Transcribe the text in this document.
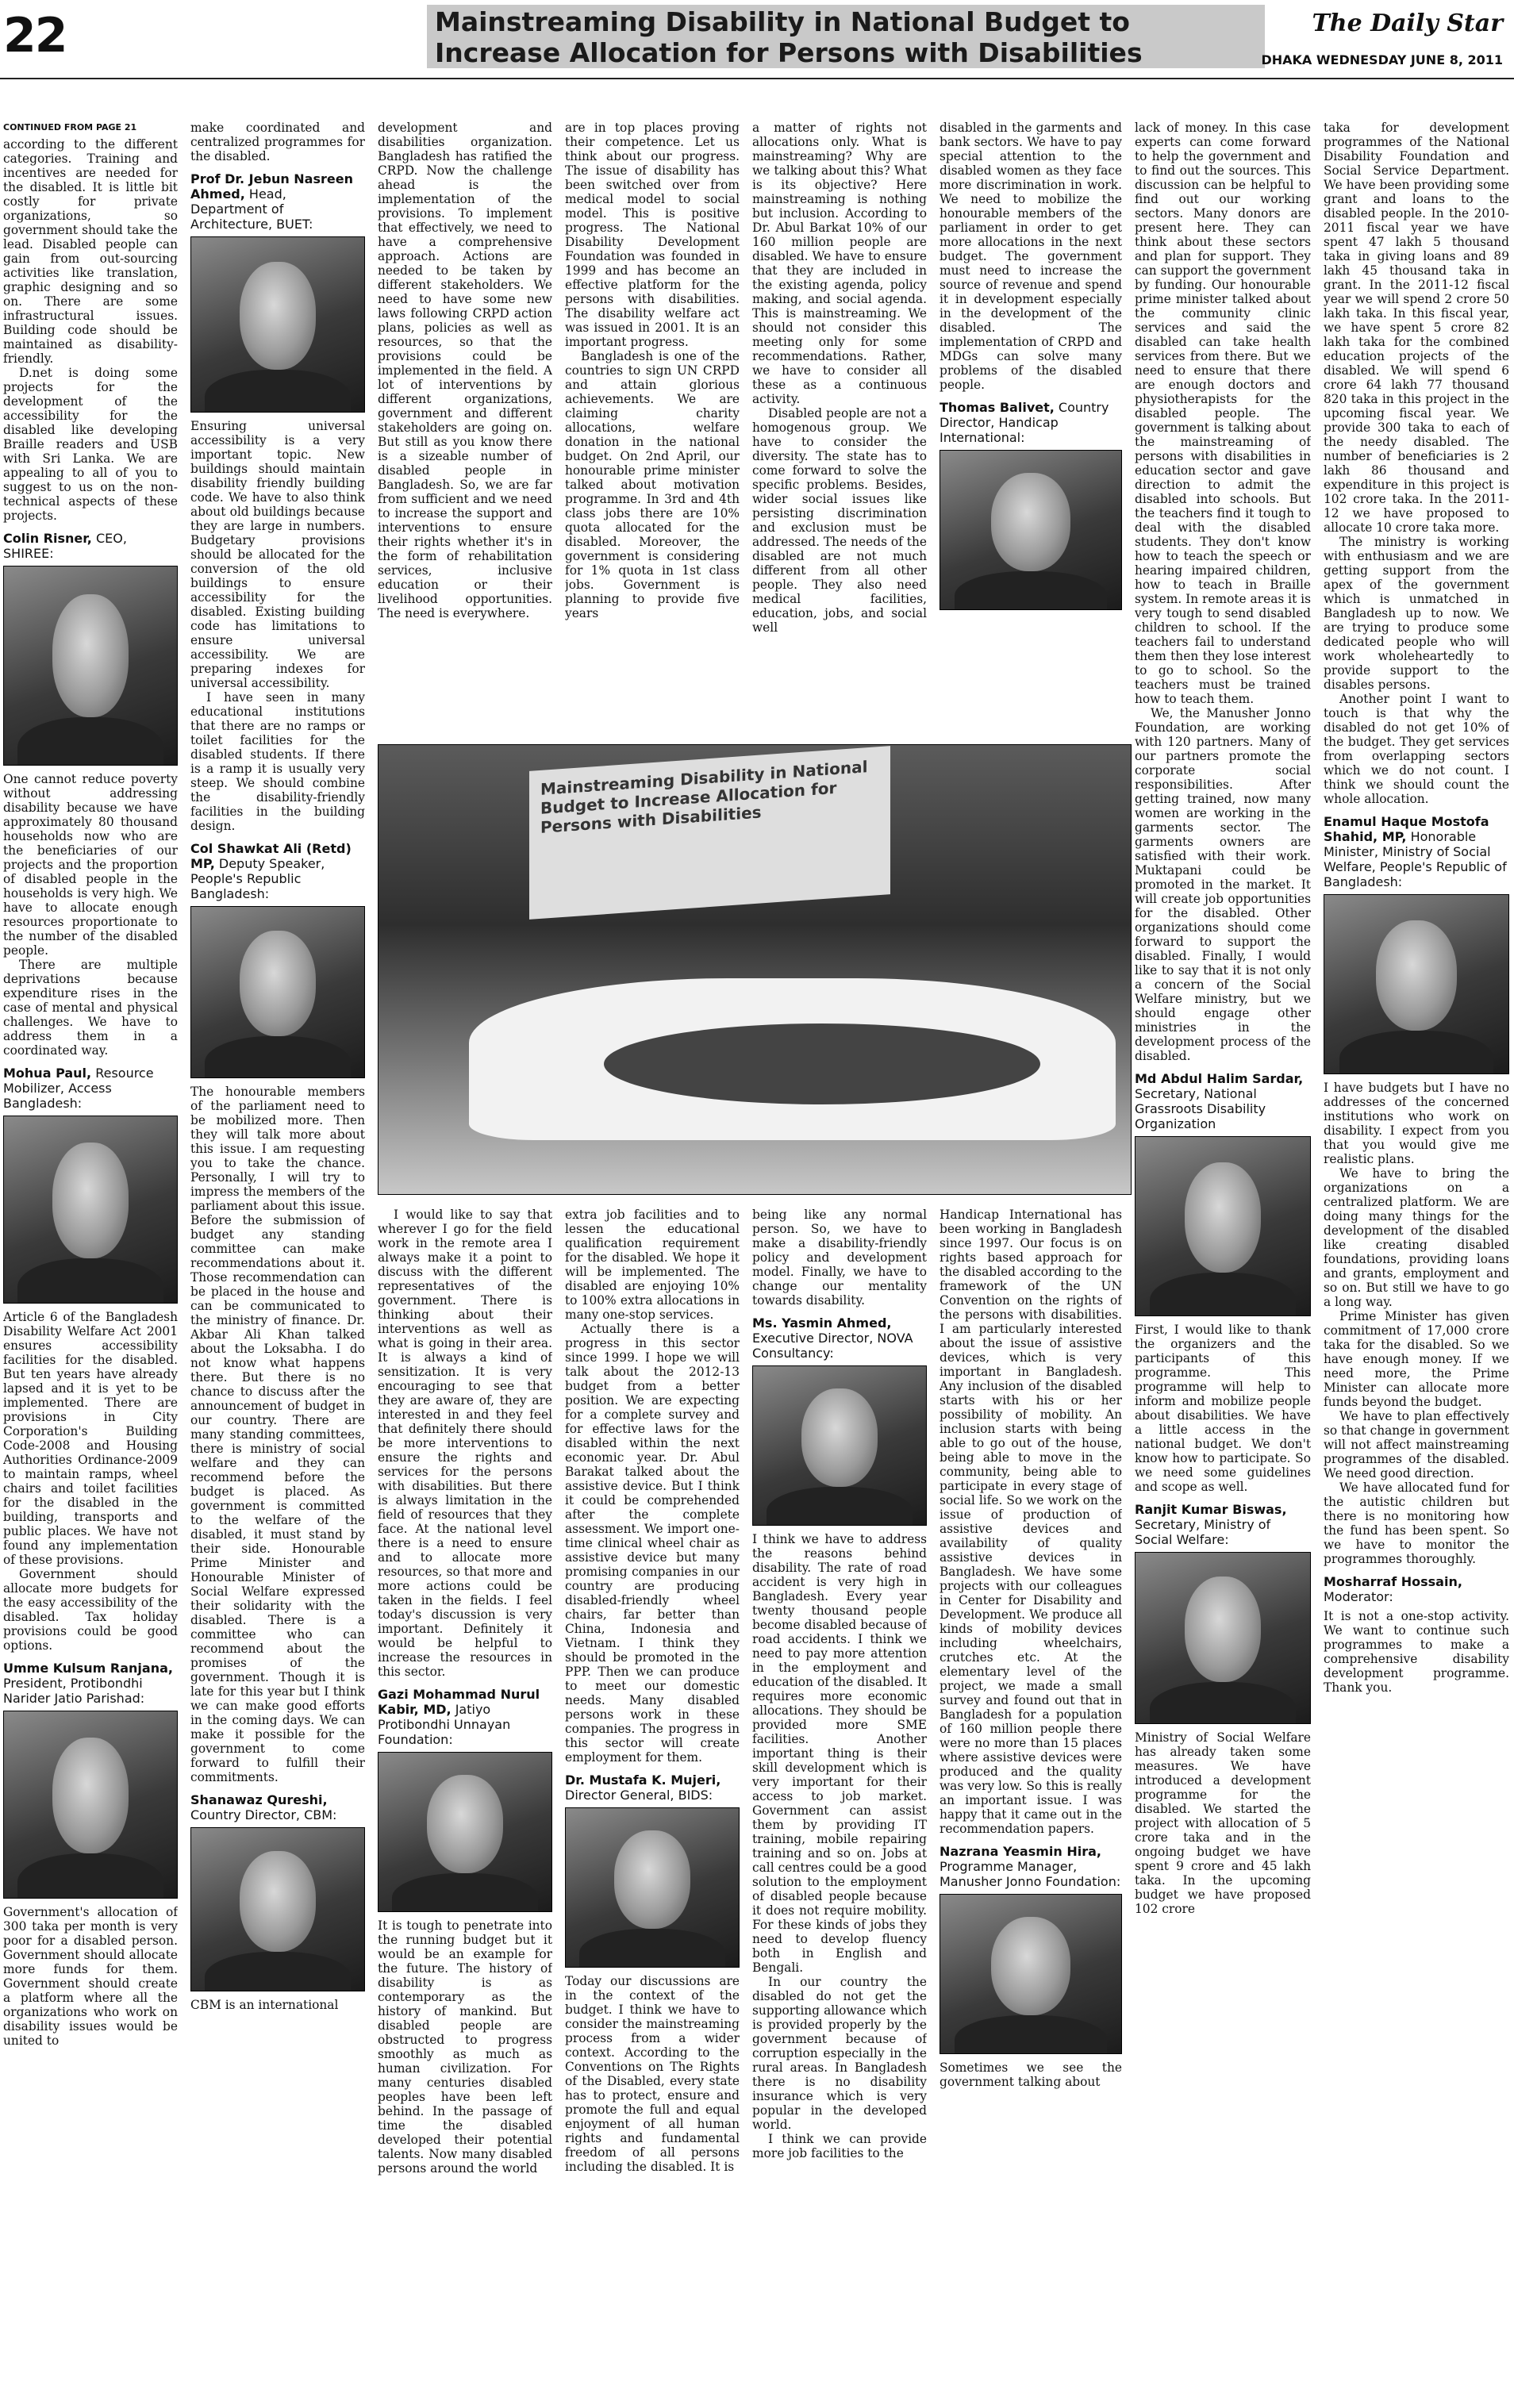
22	Mainstreaming Disability in National Budget to
Increase Allocation for Persons with Disabilities
The Daily Star
DHAKA WEDNESDAY JUNE 8, 2011
CONTINUED FROM PAGE 21

according to the different categories. Training and incentives are needed for the disabled. It is little bit costly for private organizations, so government should take the lead. Disabled people can gain from out-sourcing activities like translation, graphic designing and so on. There are some infrastructural issues. Building code should be maintained as disability-friendly.

D.net is doing some projects for the development of the accessibility for the disabled like developing Braille readers and USB with Sri Lanka. We are appealing to all of you to suggest to us on the non-technical aspects of these projects.

Colin Risner, CEO, SHIREE:

One cannot reduce poverty without addressing disability because we have approximately 80 thousand households now who are the beneficiaries of our projects and the proportion of disabled people in the households is very high. We have to allocate enough resources proportionate to the number of the disabled people.

There are multiple deprivations because expenditure rises in the case of mental and physical challenges. We have to address them in a coordinated way.

Mohua Paul, Resource Mobilizer, Access Bangladesh:

Article 6 of the Bangladesh Disability Welfare Act 2001 ensures accessibility facilities for the disabled. But ten years have already lapsed and it is yet to be implemented. There are provisions in City Corporation's Building Code-2008 and Housing Authorities Ordinance-2009 to maintain ramps, wheel chairs and toilet facilities for the disabled in the building, transports and public places. We have not found any implementation of these provisions.

Government should allocate more budgets for the easy accessibility of the disabled. Tax holiday provisions could be good options.

Umme Kulsum Ranjana, President, Protibondhi Narider Jatio Parishad:

Government's allocation of 300 taka per month is very poor for a disabled person. Government should allocate more funds for them. Government should create a platform where all the organizations who work on disability issues would be united to

make coordinated and centralized programmes for the disabled.

Prof Dr. Jebun Nasreen Ahmed, Head, Department of Architecture, BUET:

Ensuring universal accessibility is a very important topic. New buildings should maintain disability friendly building code. We have to also think about old buildings because they are large in numbers. Budgetary provisions should be allocated for the conversion of the old buildings to ensure accessibility for the disabled. Existing building code has limitations to ensure universal accessibility. We are preparing indexes for universal accessibility.

I have seen in many educational institutions that there are no ramps or toilet facilities for the disabled students. If there is a ramp it is usually very steep. We should combine the disability-friendly facilities in the building design.

Col Shawkat Ali (Retd) MP, Deputy Speaker, People's Republic Bangladesh:

The honourable members of the parliament need to be mobilized more. Then they will talk more about this issue. I am requesting you to take the chance. Personally, I will try to impress the members of the parliament about this issue. Before the submission of budget any standing committee can make recommendations about it. Those recommendation can be placed in the house and can be communicated to the ministry of finance. Dr. Akbar Ali Khan talked about the Loksabha. I do not know what happens there. But there is no chance to discuss after the announcement of budget in our country. There are many standing committees, there is ministry of social welfare and they can recommend before the budget is placed. As government is committed to the welfare of the disabled, it must stand by their side. Honourable Prime Minister and Honourable Minister of Social Welfare expressed their solidarity with the disabled. There is a committee who can recommend about the promises of the government. Though it is late for this year but I think we can make good efforts in the coming days. We can make it possible for the government to come forward to fulfill their commitments.

Shanawaz Qureshi, Country Director, CBM:

CBM is an international

development and disabilities organization. Bangladesh has ratified the CRPD. Now the challenge ahead is the implementation of the provisions. To implement that effectively, we need to have a comprehensive approach. Actions are needed to be taken by different stakeholders. We need to have some new laws following CRPD action plans, policies as well as resources, so that the provisions could be implemented in the field. A lot of interventions by different organizations, government and different stakeholders are going on. But still as you know there is a sizeable number of disabled people in Bangladesh. So, we are far from sufficient and we need to increase the support and interventions to ensure their rights whether it's in the form of rehabilitation services, inclusive education or their livelihood opportunities. The need is everywhere.

I would like to say that wherever I go for the field work in the remote area I always make it a point to discuss with the different representatives of the government. There is thinking about their interventions as well as what is going in their area. It is always a kind of sensitization. It is very encouraging to see that they are aware of, they are interested in and they feel that definitely there should be more interventions to ensure the rights and services for the persons with disabilities. But there is always limitation in the field of resources that they face. At the national level there is a need to ensure and to allocate more resources, so that more and more actions could be taken in the fields. I feel today's discussion is very important. Definitely it would be helpful to increase the resources in this sector.

Gazi Mohammad Nurul Kabir, MD, Jatiyo Protibondhi Unnayan Foundation:

It is tough to penetrate into the running budget but it would be an example for the future. The history of disability is as contemporary as the history of mankind. But disabled people are obstructed to progress smoothly as much as human civilization. For many centuries disabled peoples have been left behind. In the passage of time the disabled developed their potential talents. Now many disabled persons around the world

are in top places proving their competence. Let us think about our progress. The issue of disability has been switched over from medical model to social model. This is positive progress. The National Disability Development Foundation was founded in 1999 and has become an effective platform for the persons with disabilities. The disability welfare act was issued in 2001. It is an important progress.

Bangladesh is one of the countries to sign UN CRPD and attain glorious achievements. We are claiming charity allocations, welfare donation in the national budget. On 2nd April, our honourable prime minister talked about motivation programme. In 3rd and 4th class jobs there are 10% quota allocated for the disabled. Moreover, the government is considering for 1% quota in 1st class jobs. Government is planning to provide five years

extra job facilities and to lessen the educational qualification requirement for the disabled. We hope it will be implemented. The disabled are enjoying 10% to 100% extra allocations in many one-stop services.

Actually there is a progress in this sector since 1999. I hope we will talk about the 2012-13 budget from a better position. We are expecting for a complete survey and for effective laws for the disabled within the next economic year. Dr. Abul Barakat talked about the assistive device. But I think it could be comprehended after the complete assessment. We import one-time clinical wheel chair as assistive device but many promising companies in our country are producing disabled-friendly wheel chairs, far better than China, Indonesia and Vietnam. I think they should be promoted in the PPP. Then we can produce to meet our domestic needs. Many disabled persons work in these companies. The progress in this sector will create employment for them.

Dr. Mustafa K. Mujeri, Director General, BIDS:

Today our discussions are in the context of the budget. I think we have to consider the mainstreaming process from a wider context. According to the Conventions on The Rights of the Disabled, every state has to protect, ensure and promote the full and equal enjoyment of all human rights and fundamental freedom of all persons including the disabled. It is

a matter of rights not allocations only. What is mainstreaming? Why are we talking about this? What is its objective? Here mainstreaming is nothing but inclusion. According to Dr. Abul Barkat 10% of our 160 million people are disabled. We have to ensure that they are included in the existing agenda, policy making, and social agenda. This is mainstreaming. We should not consider this meeting only for some recommendations. Rather, we have to consider all these as a continuous activity.

Disabled people are not a homogenous group. We have to consider the diversity. The state has to come forward to solve the specific problems. Besides, wider social issues like persisting discrimination and exclusion must be addressed. The needs of the disabled are not much different from all other people. They also need medical facilities, education, jobs, and social well

being like any normal person. So, we have to make a disability-friendly policy and development model. Finally, we have to change our mentality towards disability.

Ms. Yasmin Ahmed, Executive Director, NOVA Consultancy:

I think we have to address the reasons behind disability. The rate of road accident is very high in Bangladesh. Every year twenty thousand people become disabled because of road accidents. I think we need to pay more attention in the employment and education of the disabled. It requires more economic allocations. They should be provided more SME facilities. Another important thing is their skill development which is very important for their access to job market. Government can assist them by providing IT training, mobile repairing training and so on. Jobs at call centres could be a good solution to the employment of disabled people because it does not require mobility. For these kinds of jobs they need to develop fluency both in English and Bengali.

In our country the disabled do not get the supporting allowance which is provided properly by the government because of corruption especially in the rural areas. In Bangladesh there is no disability insurance which is very popular in the developed world.

I think we can provide more job facilities to the

disabled in the garments and bank sectors. We have to pay special attention to the disabled women as they face more discrimination in work. We need to mobilize the honourable members of the parliament in order to get more allocations in the next budget. The government must need to increase the source of revenue and spend it in development especially in the development of the disabled. The implementation of CRPD and MDGs can solve many problems of the disabled people.

Thomas Balivet, Country Director, Handicap International:

Handicap International has been working in Bangladesh since 1997. Our focus is on rights based approach for the disabled according to the framework of the UN Convention on the rights of the persons with disabilities. I am particularly interested about the issue of assistive devices, which is very important in Bangladesh. Any inclusion of the disabled starts with his or her possibility of mobility. An inclusion starts with being able to go out of the house, being able to move in the community, being able to participate in every stage of social life. So we work on the issue of production of assistive devices and availability of quality assistive devices in Bangladesh. We have some projects with our colleagues in Center for Disability and Development. We produce all kinds of mobility devices including wheelchairs, crutches etc. At the elementary level of the project, we made a small survey and found out that in Bangladesh for a population of 160 million people there were no more than 15 places where assistive devices were produced and the quality was very low. So this is really an important issue. I was happy that it came out in the recommendation papers.

Nazrana Yeasmin Hira, Programme Manager, Manusher Jonno Foundation:

Sometimes we see the government talking about

lack of money. In this case experts can come forward to help the government and to find out the sources. This discussion can be helpful to find out our working sectors. Many donors are present here. They can think about these sectors and plan for support. They can support the government by funding. Our honourable prime minister talked about the community clinic services and said the disabled can take health services from there. But we need to ensure that there are enough doctors and physiotherapists for the disabled people. The government is talking about the mainstreaming of persons with disabilities in education sector and gave direction to admit the disabled into schools. But the teachers find it tough to deal with the disabled students. They don't know how to teach the speech or hearing impaired children, how to teach in Braille system. In remote areas it is very tough to send disabled children to school. If the teachers fail to understand them then they lose interest to go to school. So the teachers must be trained how to teach them.

We, the Manusher Jonno Foundation, are working with 120 partners. Many of our partners promote the corporate social responsibilities. After getting trained, now many women are working in the garments sector. The garments owners are satisfied with their work. Muktapani could be promoted in the market. It will create job opportunities for the disabled. Other organizations should come forward to support the disabled. Finally, I would like to say that it is not only a concern of the Social Welfare ministry, but we should engage other ministries in the development process of the disabled.

Md Abdul Halim Sardar, Secretary, National Grassroots Disability Organization

First, I would like to thank the organizers and the participants of this programme. This programme will help to inform and mobilize people about disabilities. We have a little access in the national budget. We don't know how to participate. So we need some guidelines and scope as well.

Ranjit Kumar Biswas, Secretary, Ministry of Social Welfare:

Ministry of Social Welfare has already taken some measures. We have introduced a development programme for the disabled. We started the project with allocation of 5 crore taka and in the ongoing budget we have spent 9 crore and 45 lakh taka. In the upcoming budget we have proposed 102 crore

taka for development programmes of the National Disability Foundation and Social Service Department. We have been providing some grant and loans to the disabled people. In the 2010-2011 fiscal year we have spent 47 lakh 5 thousand taka in giving loans and 89 lakh 45 thousand taka in grant. In the 2011-12 fiscal year we will spend 2 crore 50 lakh taka. In this fiscal year, we have spent 5 crore 82 lakh taka for the combined education projects of the disabled. We will spend 6 crore 64 lakh 77 thousand 820 taka in this project in the upcoming fiscal year. We provide 300 taka to each of the needy disabled. The number of beneficiaries is 2 lakh 86 thousand and expenditure in this project is 102 crore taka. In the 2011-12 we have proposed to allocate 10 crore taka more.

The ministry is working with enthusiasm and we are getting support from the apex of the government which is unmatched in Bangladesh up to now. We are trying to produce some dedicated people who will work wholeheartedly to provide support to the disables persons.

Another point I want to touch is that why the disabled do not get 10% of the budget. They get services from overlapping sectors which we do not count. I think we should count the whole allocation.

Enamul Haque Mostofa Shahid, MP, Honorable Minister, Ministry of Social Welfare, People's Republic of Bangladesh:

I have budgets but I have no addresses of the concerned institutions who work on disability. I expect from you that you would give me realistic plans.

We have to bring the organizations on a centralized platform. We are doing many things for the development of the disabled like creating disabled foundations, providing loans and grants, employment and so on. But still we have to go a long way.

Prime Minister has given commitment of 17,000 crore taka for the disabled. So we have enough money. If we need more, the Prime Minister can allocate more funds beyond the budget.

We have to plan effectively so that change in government will not affect mainstreaming programmes of the disabled. We need good direction.

We have allocated fund for the autistic children but there is no monitoring how the fund has been spent. So we have to monitor the programmes thoroughly.

Mosharraf Hossain, Moderator:

It is not a one-stop activity. We want to continue such programmes to make a comprehensive disability development programme. Thank you.

Mainstreaming Disability in National Budget to Increase Allocation for Persons with Disabilities
